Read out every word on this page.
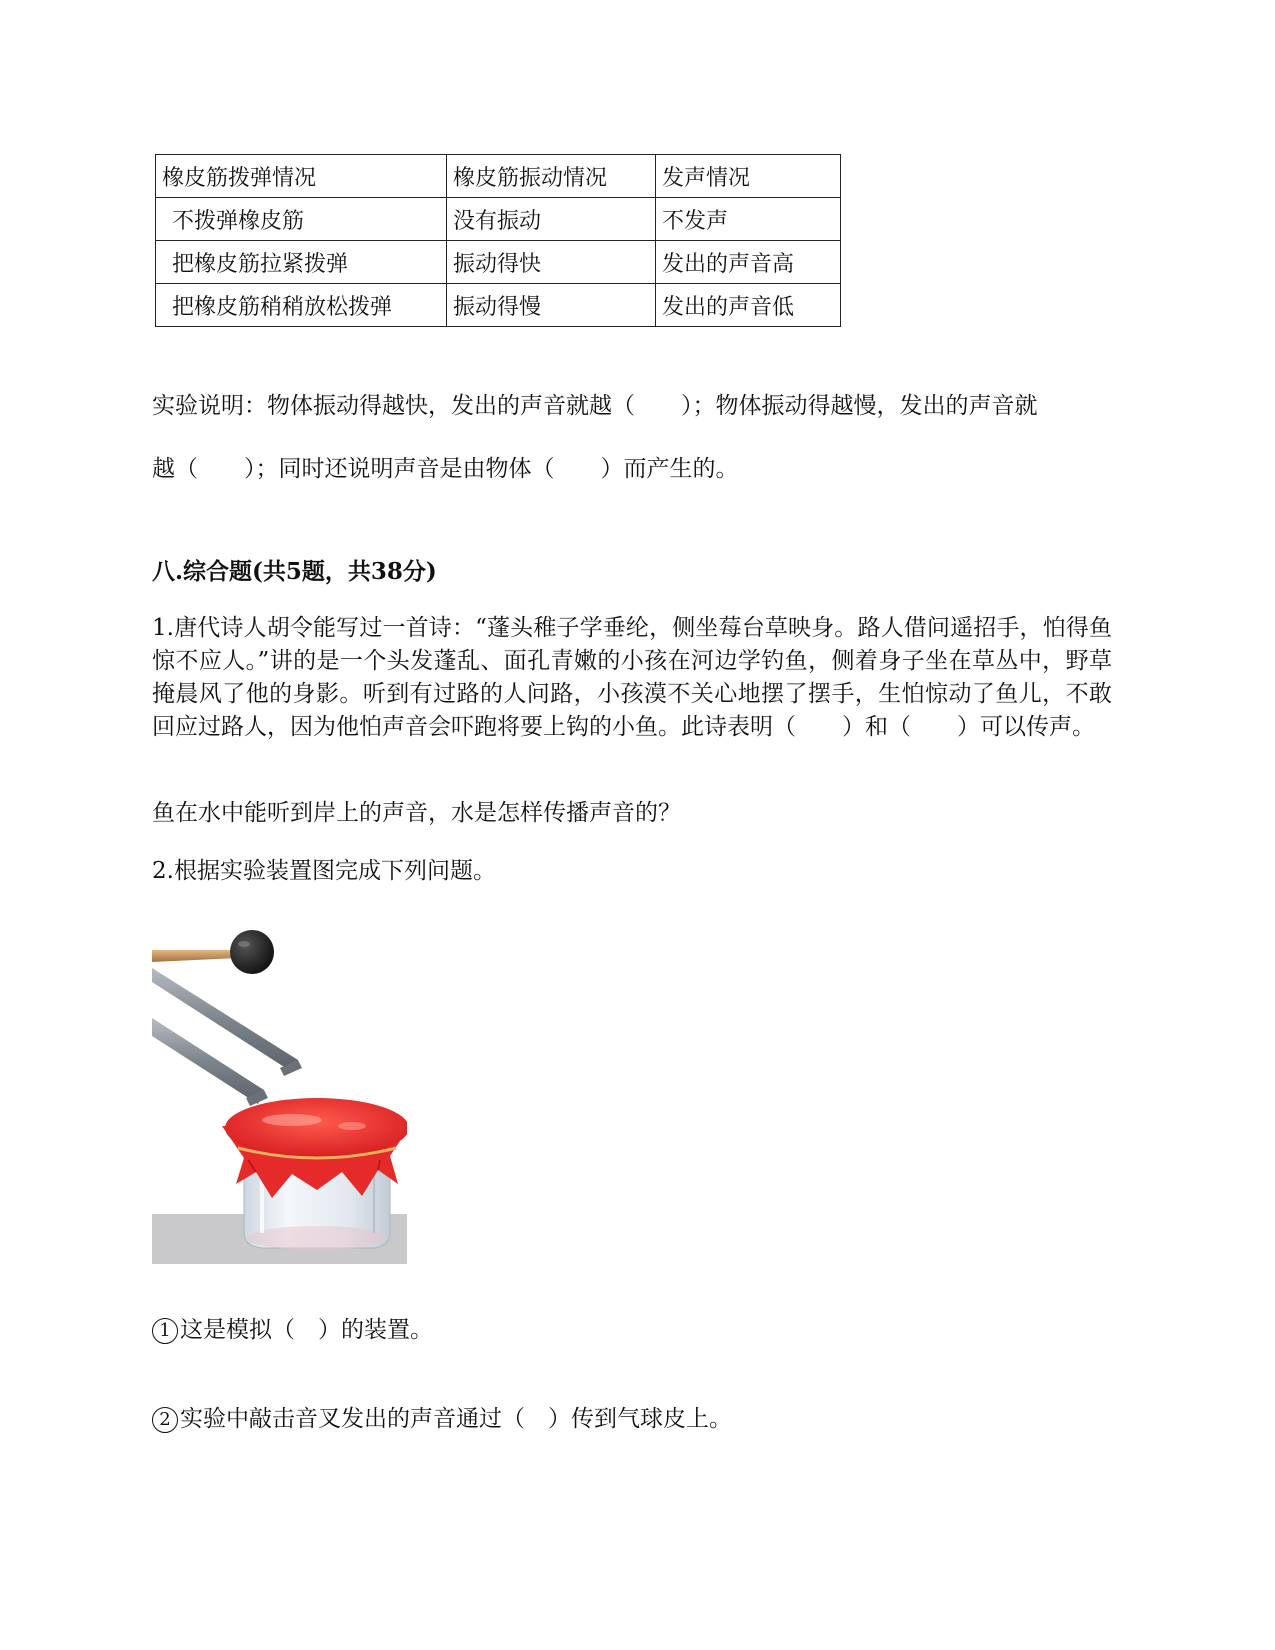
橡皮筋拨弹情况	橡皮筋振动情况	发声情况
不拨弹橡皮筋	没有振动	不发声
把橡皮筋拉紧拨弹	振动得快	发出的声音高
把橡皮筋稍稍放松拨弹	振动得慢	发出的声音低
实验说明：物体振动得越快，发出的声音就越（　　）；物体振动得越慢，发出的声音就
越（　　）；同时还说明声音是由物体（　　）而产生的。
八.综合题(共5题，共38分)
1.唐代诗人胡令能写过一首诗：“蓬头稚子学垂纶，侧坐莓台草映身。路人借问遥招手，怕得鱼惊不应人。”讲的是一个头发蓬乱、面孔青嫩的小孩在河边学钓鱼，侧着身子坐在草丛中，野草掩晨风了他的身影。听到有过路的人问路，小孩漠不关心地摆了摆手，生怕惊动了鱼儿，不敢回应过路人，因为他怕声音会吓跑将要上钩的小鱼。此诗表明（　　）和（　　）可以传声。
鱼在水中能听到岸上的声音，水是怎样传播声音的？
2.根据实验装置图完成下列问题。
1 这是模拟（　）的装置。
2 实验中敲击音叉发出的声音通过（　）传到气球皮上。
